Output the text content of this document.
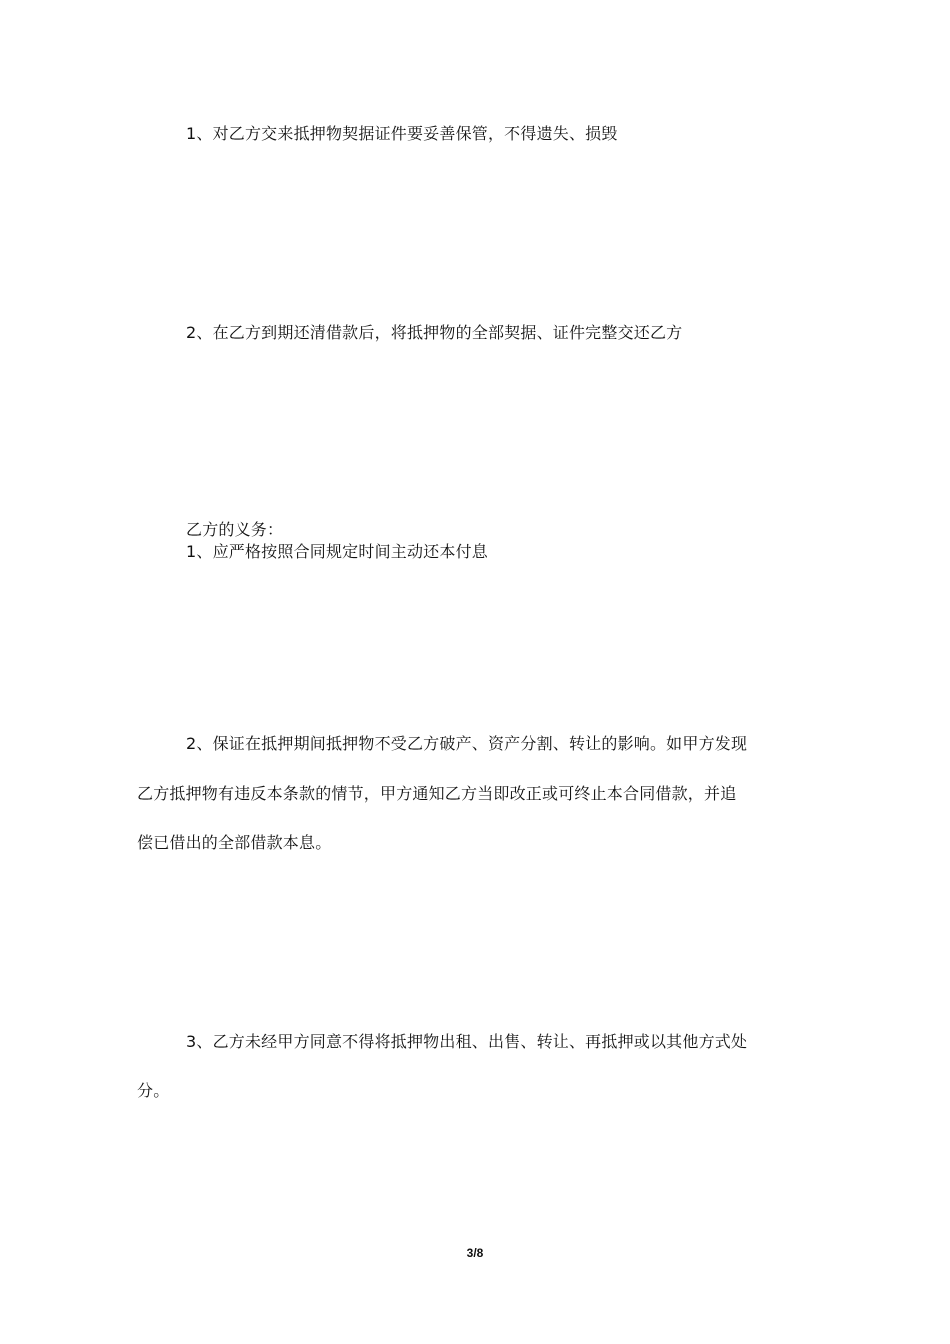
1、对乙方交来抵押物契据证件要妥善保管，不得遗失、损毁
2、在乙方到期还清借款后，将抵押物的全部契据、证件完整交还乙方
乙方的义务：
1、应严格按照合同规定时间主动还本付息
2、保证在抵押期间抵押物不受乙方破产、资产分割、转让的影响。如甲方发现
乙方抵押物有违反本条款的情节，甲方通知乙方当即改正或可终止本合同借款，并追
偿已借出的全部借款本息。
3、乙方未经甲方同意不得将抵押物出租、出售、转让、再抵押或以其他方式处
分。
3/8
